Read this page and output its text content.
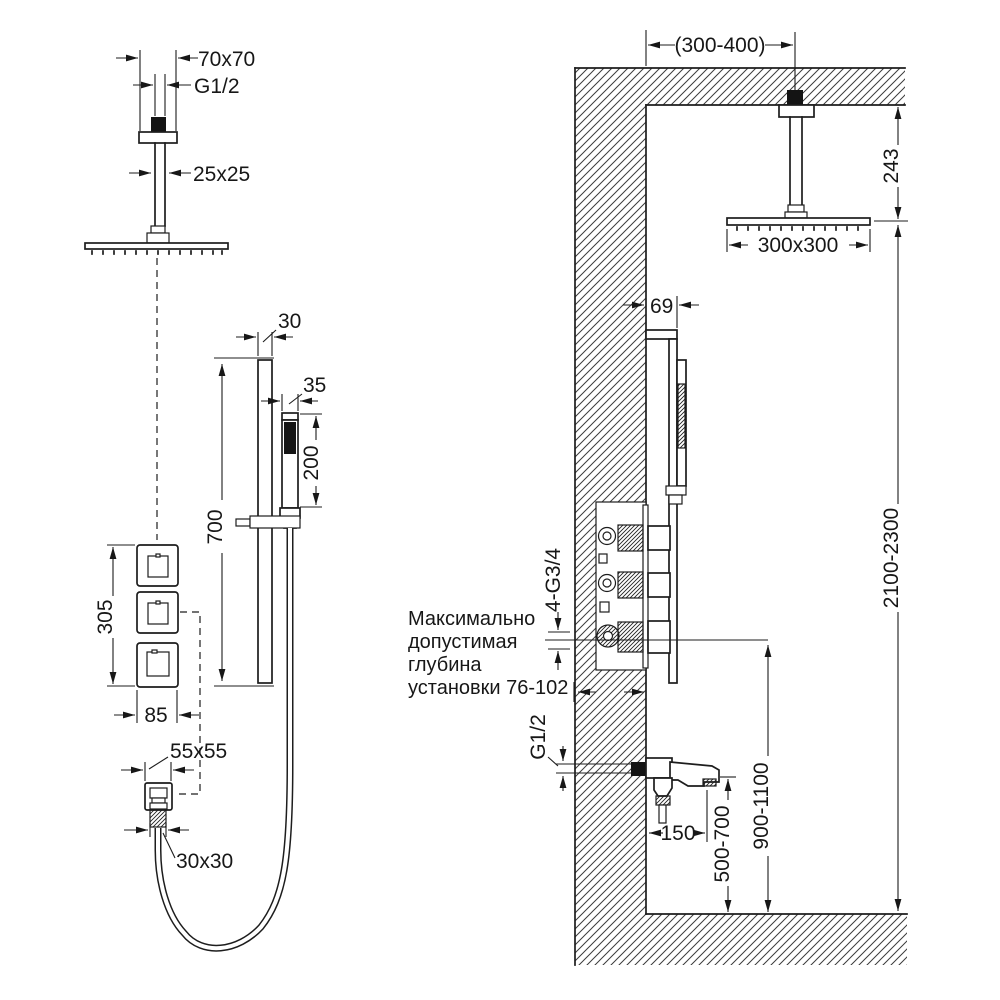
70x70
G1/2
25x25
700
30
35
200
305
85
55x55
30x30
(300-400)
300x300
69
4-G3/4
Максимально
допустимая
глубина
установки 76-102
G1/2
150 500-700 900-1100
243
2100-2300
